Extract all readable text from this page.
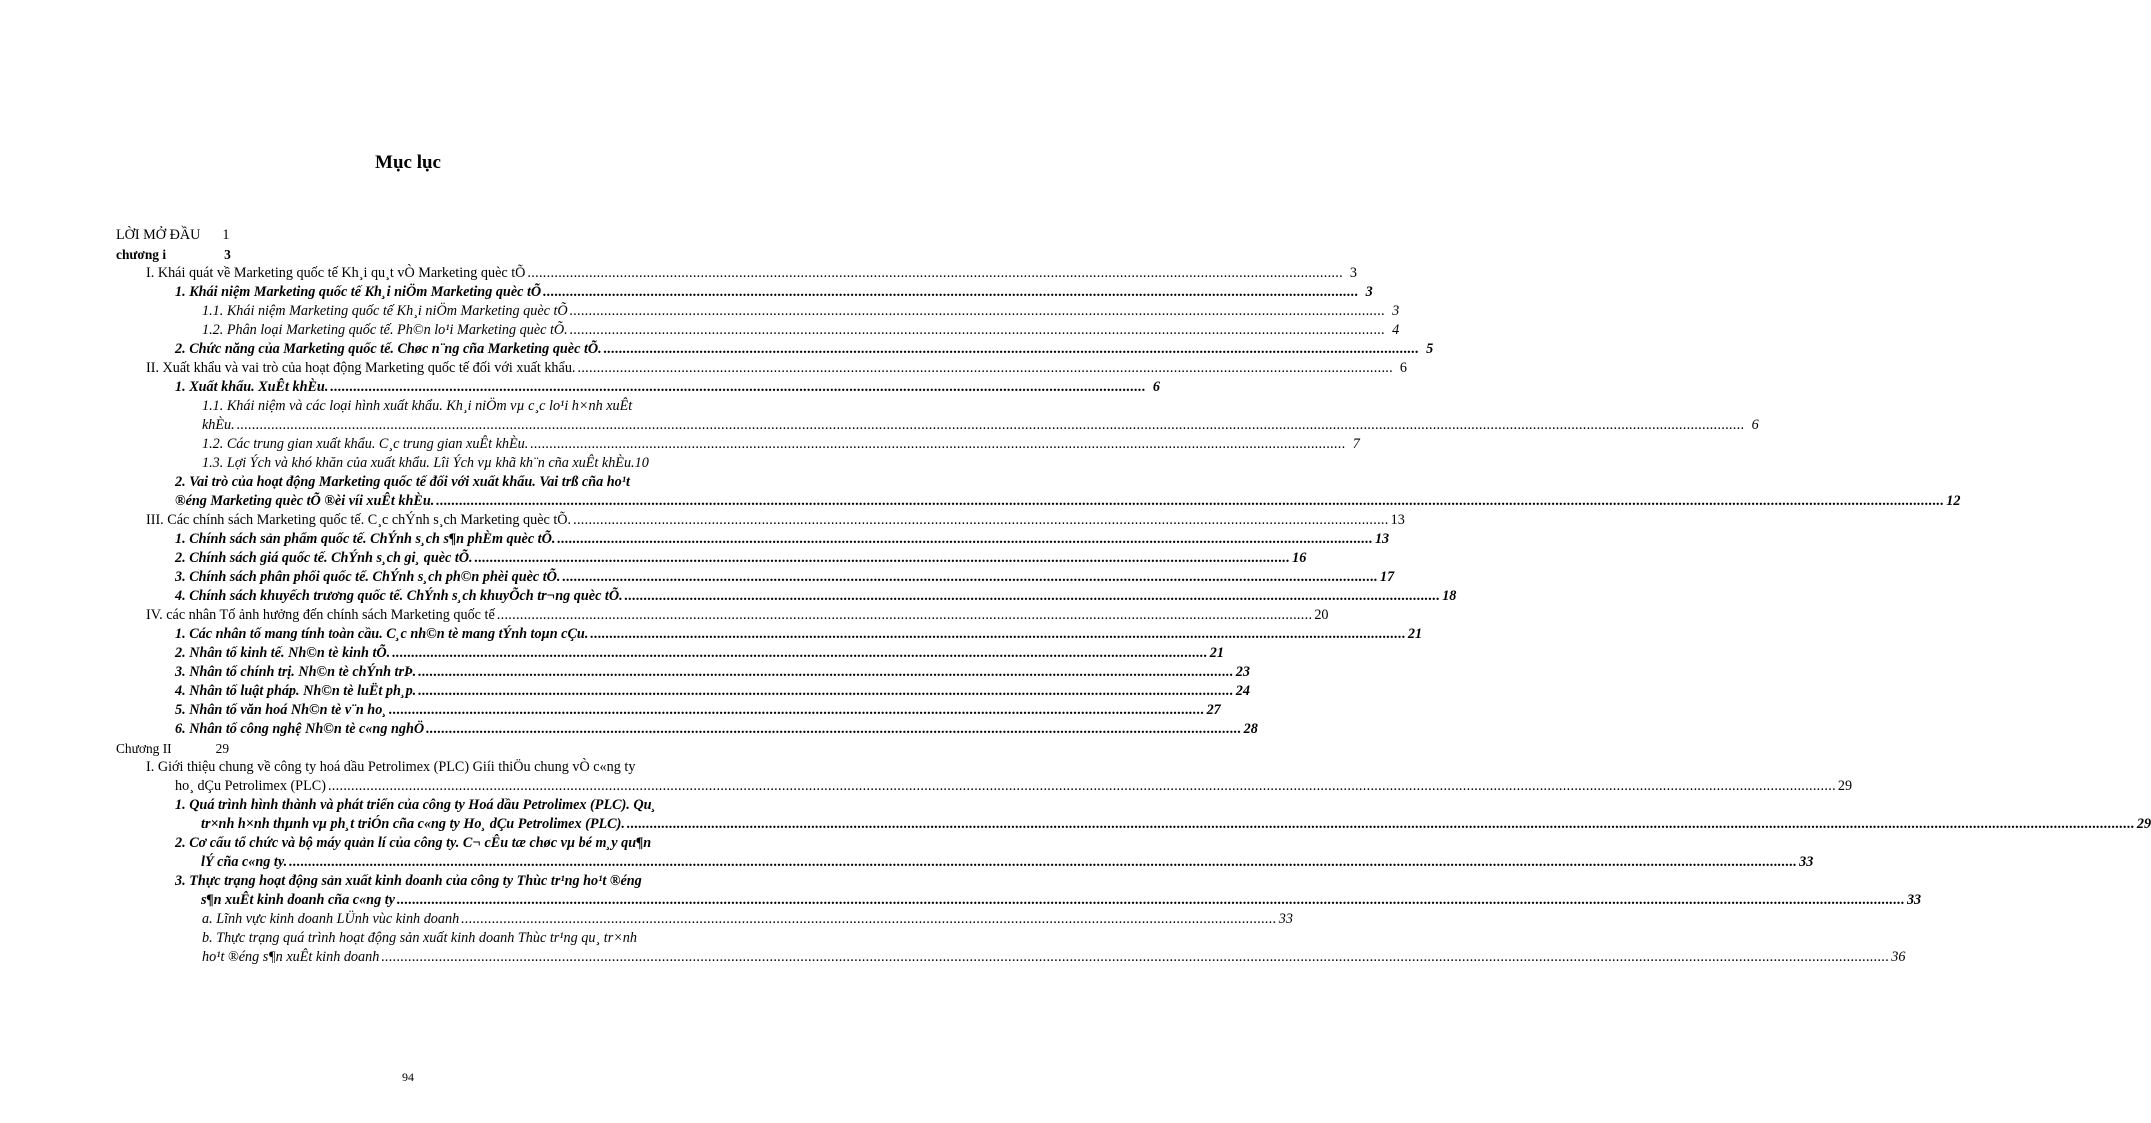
Mục lục
LỜI MỞ ĐẦU 1
chương i	3
I. Khái quát về Marketing quốc tế Kh¸i qu¸t vÒ Marketing quèc tÕ .....	3
1. Khái niệm Marketing quốc tế Kh¸i niÖm Marketing quèc tÕ .....	3
1.1. Khái niệm Marketing quốc tế Kh¸i niÖm Marketing quèc tÕ .....	3
1.2. Phân loại Marketing quốc tế. Ph©n lo¹i Marketing quèc tÕ. .....	4
2. Chức năng của Marketing quốc tế. Chøc n¨ng cña Marketing quèc tÕ. .....	5
II. Xuất khẩu và vai trò của hoạt động Marketing quốc tế đối với xuất khẩu. .....	6
1. Xuất khẩu. XuÊt khÈu. .....	6
1.1. Khái niệm và các loại hình xuất khẩu. Kh¸i niÖm vµ c¸c lo¹i h×nh xuÊt
khÈu. .................................................................................................................................................................................... .....	6
1.2. Các trung gian xuất khẩu. C¸c trung gian xuÊt khÈu. .....	7
1.3. Lợi Ých và khó khăn của xuất khẩu. Lîi Ých vµ khã kh¨n cña xuÊt khÈu. 10
2. Vai trò của hoạt động Marketing quốc tế đối với xuất khẩu. Vai trß cña ho¹t
®éng Marketing quèc tÕ ®èi víi xuÊt khÈu. .................................................................................................................................................................................... .....	12
III. Các chính sách Marketing quốc tế. C¸c chÝnh s¸ch Marketing quèc tÕ. .....	13
1. Chính sách sản phẩm quốc tế. ChÝnh s¸ch s¶n phÈm quèc tÕ. .....	13
2. Chính sách giá quốc tế. ChÝnh s¸ch gi¸ quèc tÕ. .....	16
3. Chính sách phân phối quốc tế. ChÝnh s¸ch ph©n phèi quèc tÕ. .....	17
4. Chính sách khuyếch trương quốc tế. ChÝnh s¸ch khuyÕch tr¬ng quèc tÕ. .....	18
IV. các nhân Tố ảnh hưởng đến chính sách Marketing quốc tế .....	20
1. Các nhân tố mang tính toàn cầu. C¸c nh©n tè mang tÝnh toµn cÇu. .....	21
2. Nhân tố kinh tế. Nh©n tè kinh tÕ. .....	21
3. Nhân tố chính trị. Nh©n tè chÝnh trÞ. .....	23
4. Nhân tố luật pháp. Nh©n tè luËt ph¸p. .....	24
5. Nhân tố văn hoá Nh©n tè v¨n ho¸ .....	27
6. Nhân tố công nghệ Nh©n tè c«ng nghÖ .....	28
Chương II	29
I. Giới thiệu chung về công ty hoá dầu Petrolimex (PLC) Giíi thiÖu chung vÒ c«ng ty
ho¸ dÇu Petrolimex (PLC) .................................................................................................................................................................................... .....	29
1. Quá trình hình thành và phát triển của công ty Hoá dầu Petrolimex (PLC). Qu¸
tr×nh h×nh thµnh vµ ph¸t triÓn cña c«ng ty Ho¸ dÇu Petrolimex (PLC). .................................................................................................................................................................................... .....	29
2. Cơ cấu tổ chức và bộ máy quản lí của công ty. C¬ cÊu tæ chøc vµ bé m¸y qu¶n
lÝ cña c«ng ty. .................................................................................................................................................................................... .....	33
3. Thực trạng hoạt động sản xuất kinh doanh của công ty Thùc tr¹ng ho¹t ®éng
s¶n xuÊt kinh doanh cña c«ng ty .................................................................................................................................................................................... .....	33
a. Lĩnh vực kinh doanh LÜnh vùc kinh doanh .....	33
b. Thực trạng quá trình hoạt động sản xuất kinh doanh Thùc tr¹ng qu¸ tr×nh
ho¹t ®éng s¶n xuÊt kinh doanh .................................................................................................................................................................................... .....	36
94
